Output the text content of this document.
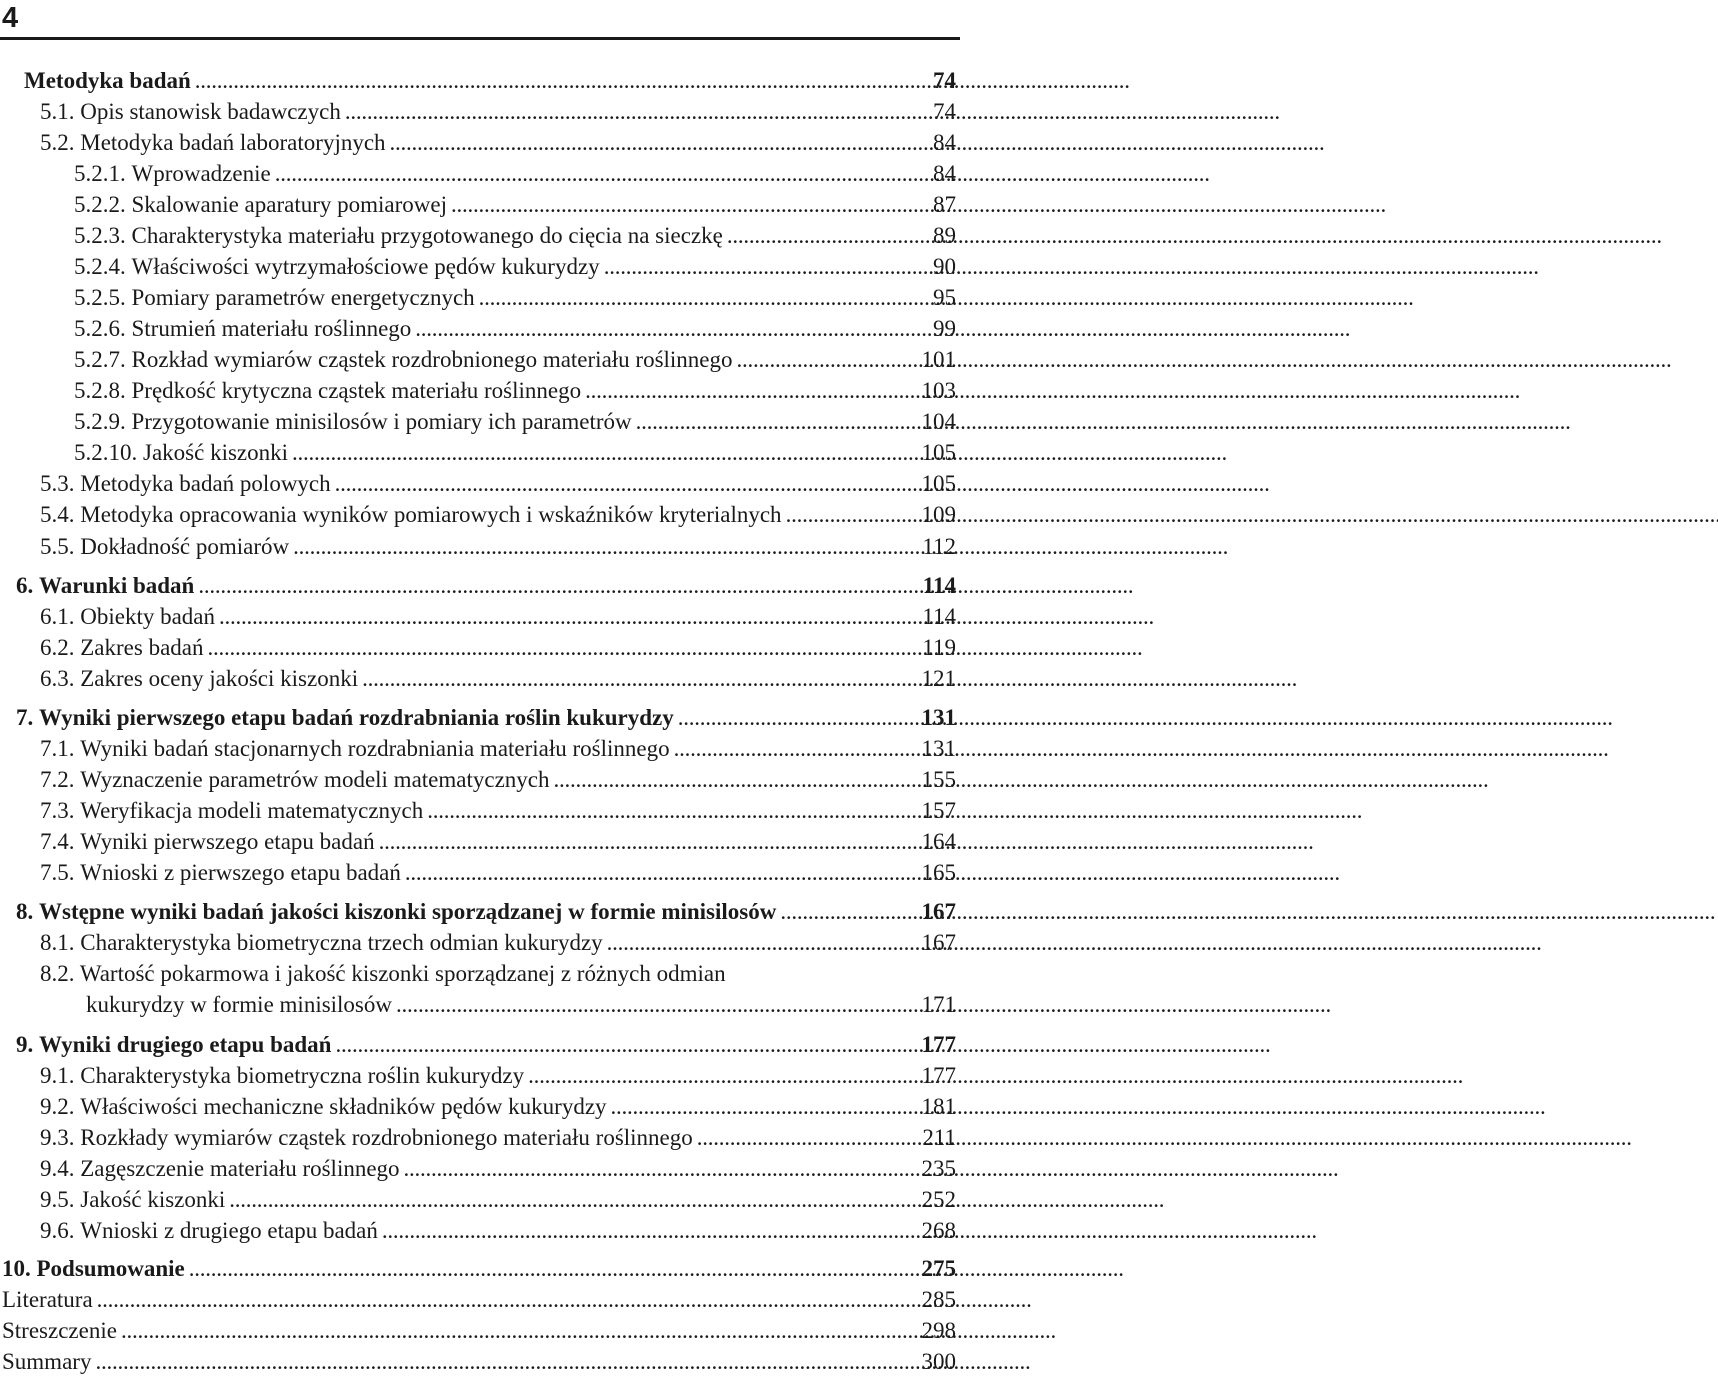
4
Metodyka badań . . .	74
5.1. Opis stanowisk badawczych . . .	74
5.2. Metodyka badań laboratoryjnych . . .	84
5.2.1. Wprowadzenie . . .	84
5.2.2. Skalowanie aparatury pomiarowej . . .	87
5.2.3. Charakterystyka materiału przygotowanego do cięcia na sieczkę . . .	89
5.2.4. Właściwości wytrzymałościowe pędów kukurydzy . . .	90
5.2.5. Pomiary parametrów energetycznych . . .	95
5.2.6. Strumień materiału roślinnego . . .	99
5.2.7. Rozkład wymiarów cząstek rozdrobnionego materiału roślinnego . . .	101
5.2.8. Prędkość krytyczna cząstek materiału roślinnego . . .	103
5.2.9. Przygotowanie minisilosów i pomiary ich parametrów . . .	104
5.2.10. Jakość kiszonki . . .	105
5.3. Metodyka badań polowych . . .	105
5.4. Metodyka opracowania wyników pomiarowych i wskaźników kryterialnych . . .	109
5.5. Dokładność pomiarów . . .	112
6. Warunki badań . . .	114
6.1. Obiekty badań . . .	114
6.2. Zakres badań . . .	119
6.3. Zakres oceny jakości kiszonki . . .	121
7. Wyniki pierwszego etapu badań rozdrabniania roślin kukurydzy . . .	131
7.1. Wyniki badań stacjonarnych rozdrabniania materiału roślinnego . . .	131
7.2. Wyznaczenie parametrów modeli matematycznych . . .	155
7.3. Weryfikacja modeli matematycznych . . .	157
7.4. Wyniki pierwszego etapu badań . . .	164
7.5. Wnioski z pierwszego etapu badań . . .	165
8. Wstępne wyniki badań jakości kiszonki sporządzanej w formie minisilosów . . .	167
8.1. Charakterystyka biometryczna trzech odmian kukurydzy . . .	167
8.2. Wartość pokarmowa i jakość kiszonki sporządzanej z różnych odmian
kukurydzy w formie minisilosów . . .	171
9. Wyniki drugiego etapu badań . . .	177
9.1. Charakterystyka biometryczna roślin kukurydzy . . .	177
9.2. Właściwości mechaniczne składników pędów kukurydzy . . .	181
9.3. Rozkłady wymiarów cząstek rozdrobnionego materiału roślinnego . . .	211
9.4. Zagęszczenie materiału roślinnego . . .	235
9.5. Jakość kiszonki . . .	252
9.6. Wnioski z drugiego etapu badań . . .	268
10. Podsumowanie . . .	275
Literatura . . .	285
Streszczenie . . .	298
Summary . . .	300
